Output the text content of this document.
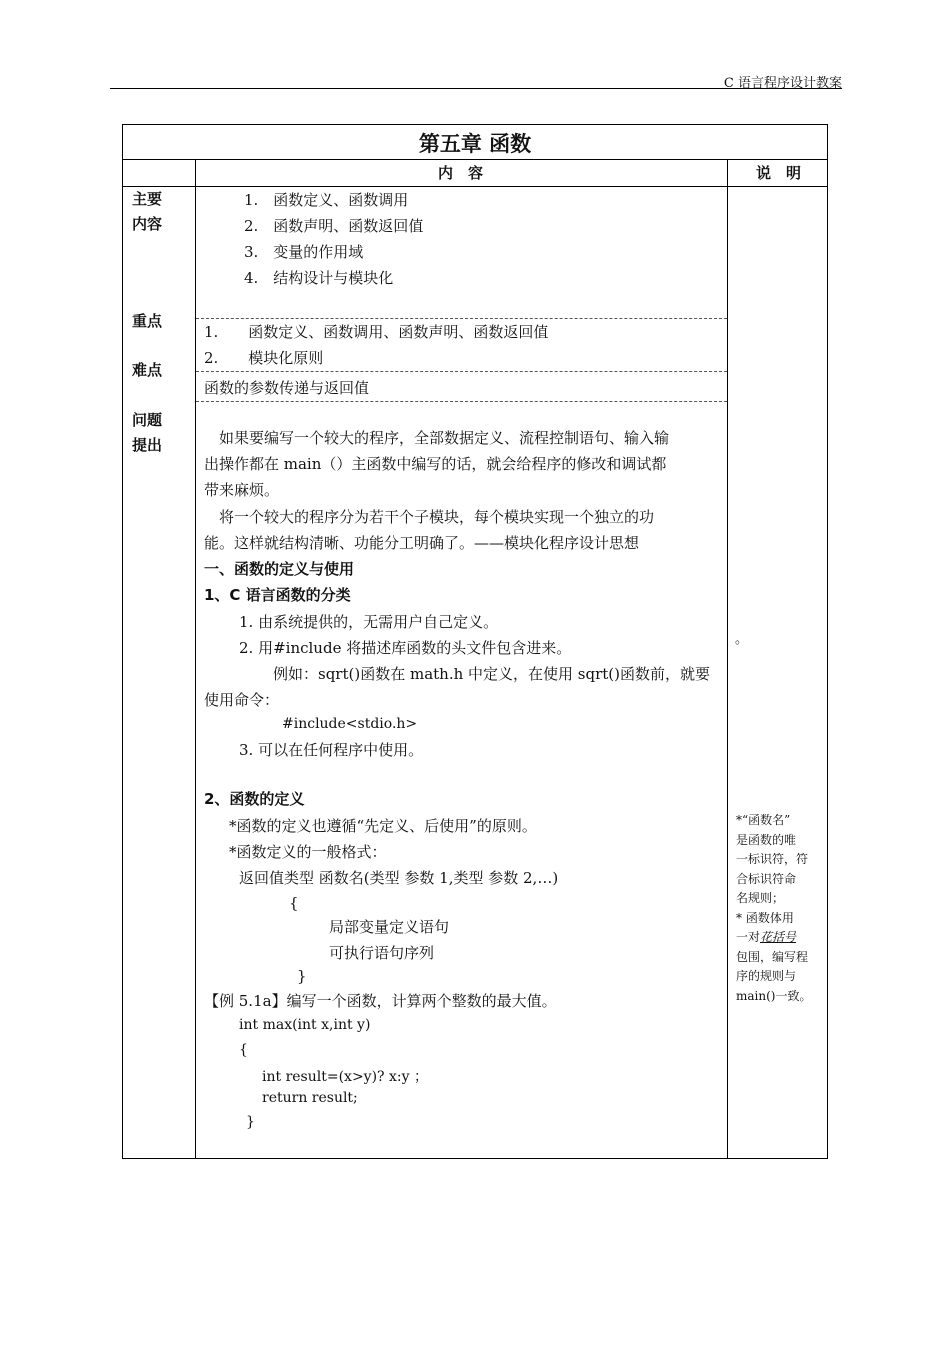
C 语言程序设计教案
第五章 函数
内　容	说　明
主要
内容
重点
难点
问题
提出
1.　函数定义、函数调用
2.　函数声明、函数返回值
3.　变量的作用域
4.　结构设计与模块化
1.　　函数定义、函数调用、函数声明、函数返回值
2.　　模块化原则
函数的参数传递与返回值
　如果要编写一个较大的程序，全部数据定义、流程控制语句、输入输
出操作都在 main（）主函数中编写的话，就会给程序的修改和调试都
带来麻烦。
　将一个较大的程序分为若干个子模块，每个模块实现一个独立的功
能。这样就结构清晰、功能分工明确了。——模块化程序设计思想
一、函数的定义与使用
1、C 语言函数的分类
1. 由系统提供的，无需用户自己定义。
2. 用#include 将描述库函数的头文件包含进来。
例如：sqrt()函数在 math.h 中定义，在使用 sqrt()函数前，就要
使用命令：
#include<stdio.h>
3. 可以在任何程序中使用。
2、函数的定义
*函数的定义也遵循“先定义、后使用”的原则。
*函数定义的一般格式：
返回值类型 函数名(类型 参数 1,类型 参数 2,…)
{
局部变量定义语句
可执行语句序列
}
【例 5.1a】编写一个函数，计算两个整数的最大值。
int max(int x,int y)
{
int result=(x>y)? x:y ；
return result;
}
。
*“函数名”
是函数的唯
一标识符，符
合标识符命
名规则；
* 函数体用
一对花括号
包围，编写程
序的规则与
main()一致。
